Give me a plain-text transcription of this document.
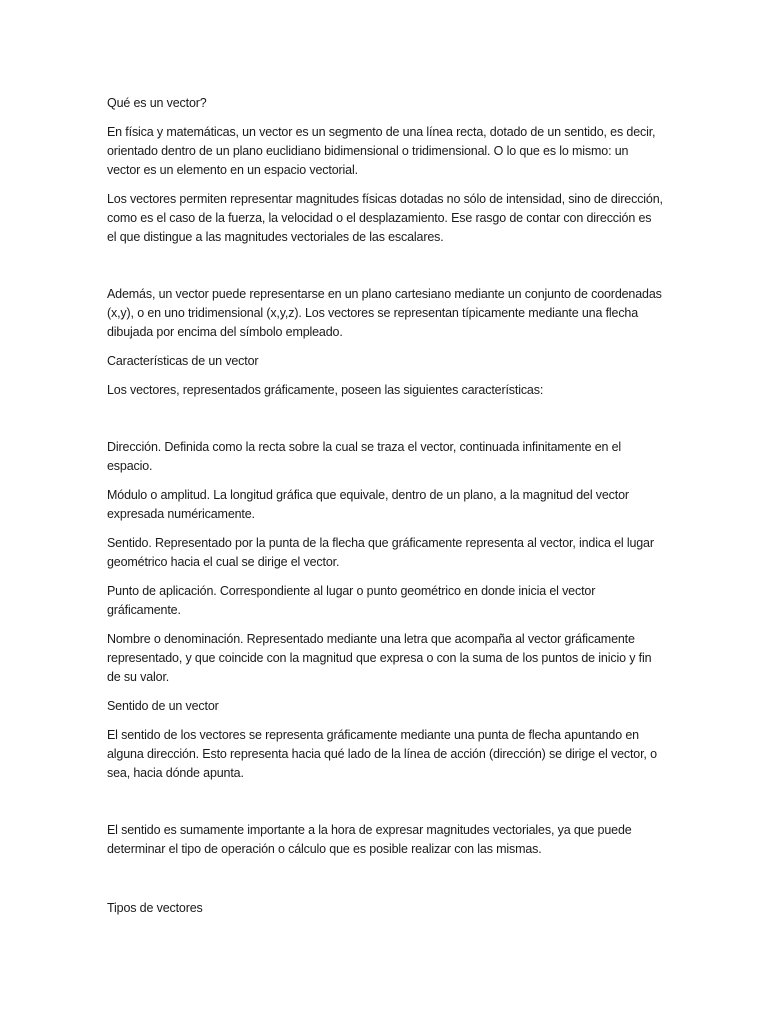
Qué es un vector?

En física y matemáticas, un vector es un segmento de una línea recta, dotado de un sentido, es decir, orientado dentro de un plano euclidiano bidimensional o tridimensional. O lo que es lo mismo: un vector es un elemento en un espacio vectorial.

Los vectores permiten representar magnitudes físicas dotadas no sólo de intensidad, sino de dirección, como es el caso de la fuerza, la velocidad o el desplazamiento. Ese rasgo de contar con dirección es el que distingue a las magnitudes vectoriales de las escalares.

Además, un vector puede representarse en un plano cartesiano mediante un conjunto de coordenadas (x,y), o en uno tridimensional (x,y,z). Los vectores se representan típicamente mediante una flecha dibujada por encima del símbolo empleado.

Características de un vector

Los vectores, representados gráficamente, poseen las siguientes características:

Dirección. Definida como la recta sobre la cual se traza el vector, continuada infinitamente en el espacio.

Módulo o amplitud. La longitud gráfica que equivale, dentro de un plano, a la magnitud del vector expresada numéricamente.

Sentido. Representado por la punta de la flecha que gráficamente representa al vector, indica el lugar geométrico hacia el cual se dirige el vector.

Punto de aplicación. Correspondiente al lugar o punto geométrico en donde inicia el vector gráficamente.

Nombre o denominación. Representado mediante una letra que acompaña al vector gráficamente representado, y que coincide con la magnitud que expresa o con la suma de los puntos de inicio y fin de su valor.

Sentido de un vector

El sentido de los vectores se representa gráficamente mediante una punta de flecha apuntando en alguna dirección. Esto representa hacia qué lado de la línea de acción (dirección) se dirige el vector, o sea, hacia dónde apunta.

El sentido es sumamente importante a la hora de expresar magnitudes vectoriales, ya que puede determinar el tipo de operación o cálculo que es posible realizar con las mismas.

Tipos de vectores
